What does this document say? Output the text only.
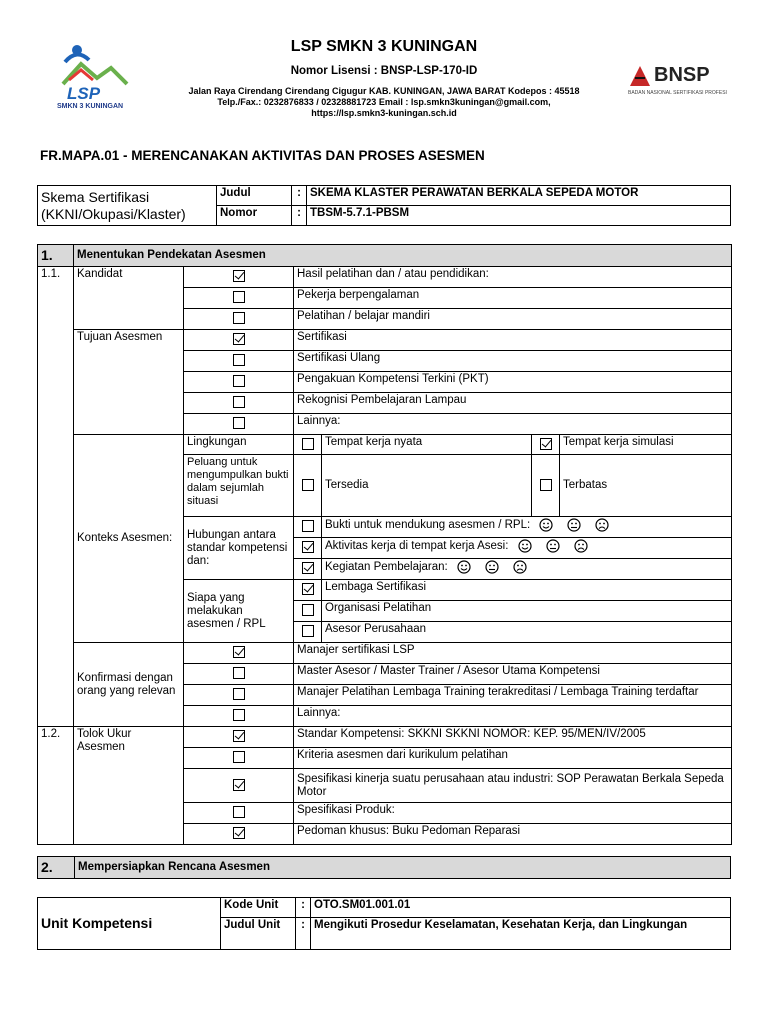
LSP
SMKN 3 KUNINGAN
LSP SMKN 3 KUNINGAN
Nomor Lisensi : BNSP-LSP-170-ID
Jalan Raya Cirendang Cirendang Cigugur KAB. KUNINGAN, JAWA BARAT Kodepos : 45518
Telp./Fax.: 0232876833 / 02328881723 Email : lsp.smkn3kuningan@gmail.com,
https://lsp.smkn3-kuningan.sch.id
BNSP
BADAN NASIONAL SERTIFIKASI PROFESI
FR.MAPA.01 - MERENCANAKAN AKTIVITAS DAN PROSES ASESMEN
Skema Sertifikasi (KKNI/Okupasi/Klaster)	Judul	:	SKEMA KLASTER PERAWATAN BERKALA SEPEDA MOTOR
	Nomor	:	TBSM-5.7.1-PBSM
1.	Menentukan Pendekatan Asesmen					
1.1.	Kandidat		Hasil pelatihan dan / atau pendidikan:			
			Pekerja berpengalaman			
			Pelatihan / belajar mandiri			
	Tujuan Asesmen		Sertifikasi			
			Sertifikasi Ulang			
			Pengakuan Kompetensi Terkini (PKT)			
			Rekognisi Pembelajaran Lampau			
			Lainnya:			
	Konteks Asesmen:	Lingkungan		Tempat kerja nyata		Tempat kerja simulasi
		Peluang untuk mengumpulkan bukti dalam sejumlah situasi		Tersedia		Terbatas
		Hubungan antara standar kompetensi dan:		Bukti untuk mendukung asesmen / RPL:		
				Aktivitas kerja di tempat kerja Asesi:		
				Kegiatan Pembelajaran:		
		Siapa yang melakukan asesmen / RPL		Lembaga Sertifikasi		
				Organisasi Pelatihan		
				Asesor Perusahaan		
	Konfirmasi dengan orang yang relevan		Manajer sertifikasi LSP			
			Master Asesor / Master Trainer / Asesor Utama Kompetensi			
			Manajer Pelatihan Lembaga Training terakreditasi / Lembaga Training terdaftar			
			Lainnya:			
1.2.	Tolok Ukur Asesmen		Standar Kompetensi: SKKNI SKKNI NOMOR: KEP. 95/MEN/IV/2005			
			Kriteria asesmen dari kurikulum pelatihan			
			Spesifikasi kinerja suatu perusahaan atau industri: SOP Perawatan Berkala Sepeda Motor			
			Spesifikasi Produk:			
			Pedoman khusus: Buku Pedoman Reparasi			
2.	Mempersiapkan Rencana Asesmen
Unit Kompetensi	Kode Unit	:	OTO.SM01.001.01
	Judul Unit	:	Mengikuti Prosedur Keselamatan, Kesehatan Kerja, dan Lingkungan
